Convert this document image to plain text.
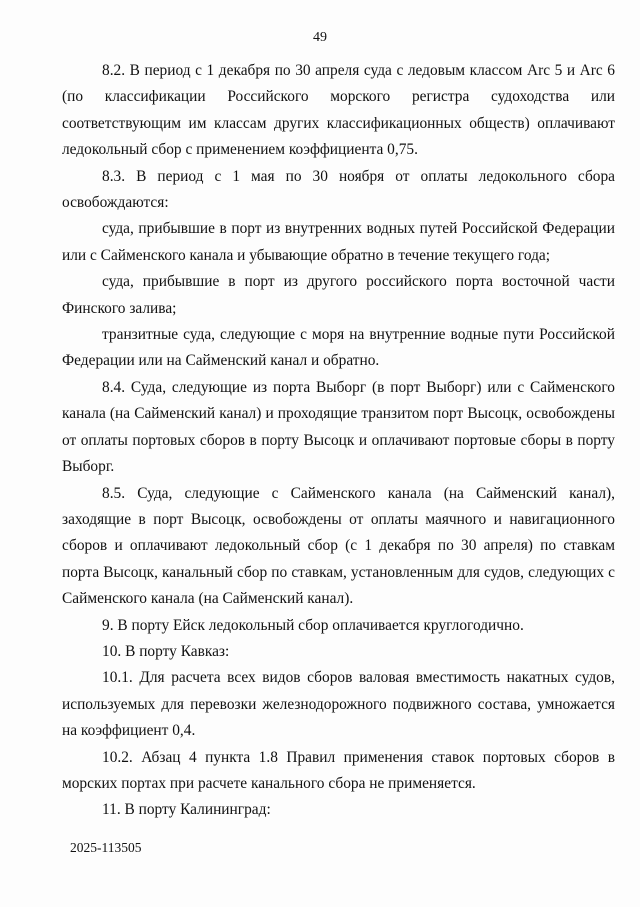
49

8.2. В период с 1 декабря по 30 апреля суда с ледовым классом Arc 5 и Arc 6 (по классификации Российского морского регистра судоходства или соответствующим им классам других классификационных обществ) оплачивают ледокольный сбор с применением коэффициента 0,75.

8.3. В период с 1 мая по 30 ноября от оплаты ледокольного сбора освобождаются:

суда, прибывшие в порт из внутренних водных путей Российской Федерации или с Сайменского канала и убывающие обратно в течение текущего года;

суда, прибывшие в порт из другого российского порта восточной части Финского залива;

транзитные суда, следующие с моря на внутренние водные пути Российской Федерации или на Сайменский канал и обратно.

8.4. Суда, следующие из порта Выборг (в порт Выборг) или с Сайменского канала (на Сайменский канал) и проходящие транзитом порт Высоцк, освобождены от оплаты портовых сборов в порту Высоцк и оплачивают портовые сборы в порту Выборг.

8.5. Суда, следующие с Сайменского канала (на Сайменский канал), заходящие в порт Высоцк, освобождены от оплаты маячного и навигационного сборов и оплачивают ледокольный сбор (с 1 декабря по 30 апреля) по ставкам порта Высоцк, канальный сбор по ставкам, установленным для судов, следующих с Сайменского канала (на Сайменский канал).

9. В порту Ейск ледокольный сбор оплачивается круглогодично.

10. В порту Кавказ:

10.1. Для расчета всех видов сборов валовая вместимость накатных судов, используемых для перевозки железнодорожного подвижного состава, умножается на коэффициент 0,4.

10.2. Абзац 4 пункта 1.8 Правил применения ставок портовых сборов в морских портах при расчете канального сбора не применяется.

11. В порту Калининград:

2025-113505
